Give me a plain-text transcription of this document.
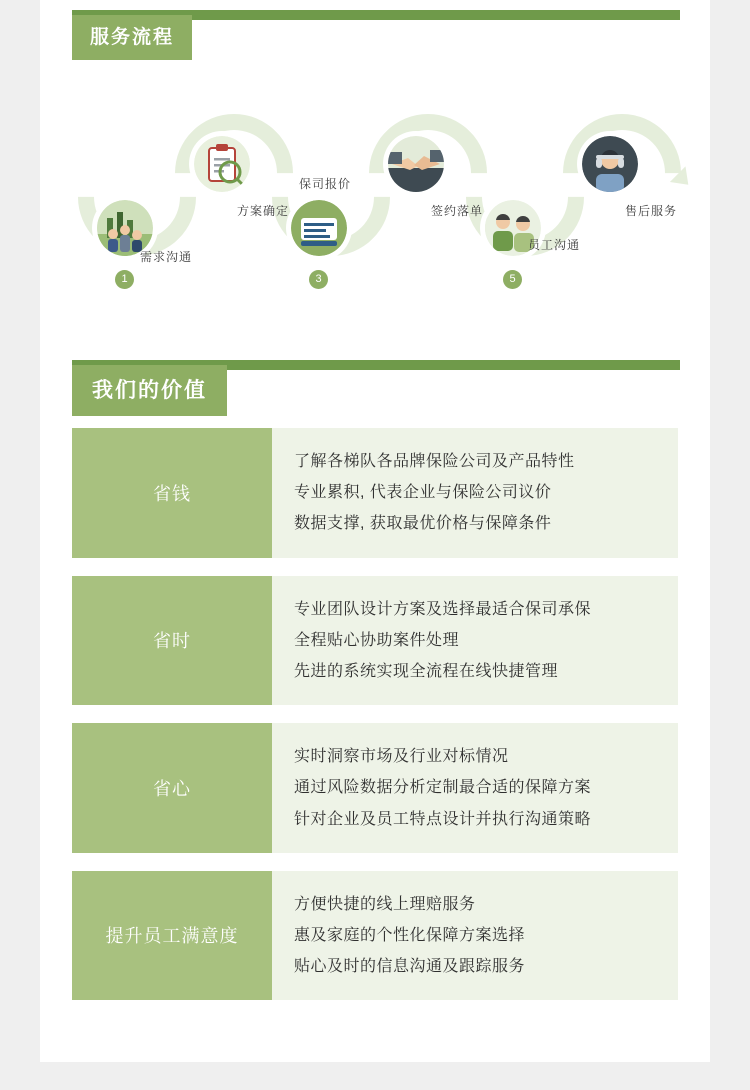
服务流程
需求沟通
1
方案确定
保司报价
3
签约落单
员工沟通
5
售后服务
我们的价值
省钱
了解各梯队各品牌保险公司及产品特性
专业累积, 代表企业与保险公司议价
数据支撑, 获取最优价格与保障条件
省时
专业团队设计方案及选择最适合保司承保
全程贴心协助案件处理
先进的系统实现全流程在线快捷管理
省心
实时洞察市场及行业对标情况
通过风险数据分析定制最合适的保障方案
针对企业及员工特点设计并执行沟通策略
提升员工满意度
方便快捷的线上理赔服务
惠及家庭的个性化保障方案选择
贴心及时的信息沟通及跟踪服务
